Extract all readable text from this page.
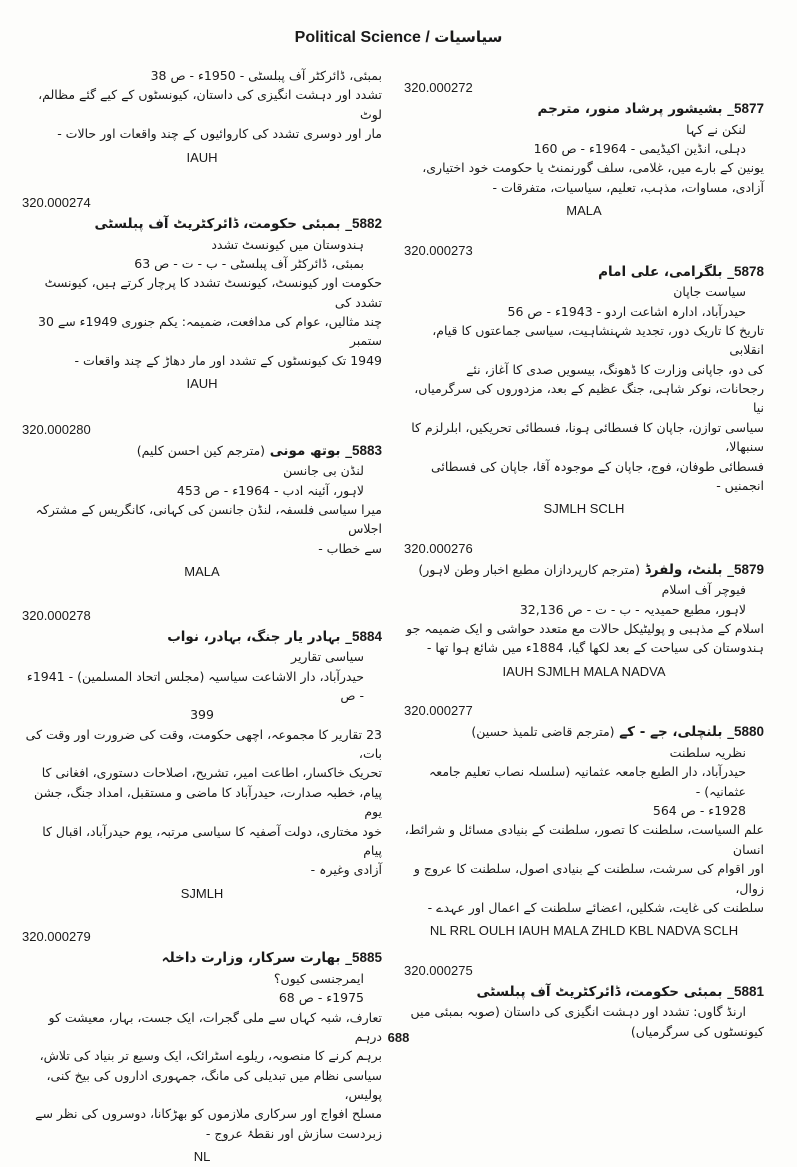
Political Science / سیاسیات
بمبئی، ڈائرکٹر آف پبلسٹی - 1950ء - ص 38
تشدد اور دہشت انگیزی کی داستان، کیونسٹوں کے کیے گئے مظالم، لوٹ
مار اور دوسری تشدد کی کاروائیوں کے چند واقعات اور حالات -
IAUH
320.000274
5882_ بمبئی حکومت، ڈائرکٹریٹ آف پبلسٹی
ہندوستان میں کیونسٹ تشدد
بمبئی، ڈائرکٹر آف پبلسٹی - ب - ت - ص 63
حکومت اور کیونسٹ، کیونسٹ تشدد کا پرچار کرتے ہیں، کیونسٹ تشدد کی
چند مثالیں، عوام کی مدافعت، ضمیمہ: یکم جنوری 1949ء سے 30 ستمبر
1949 تک کیونسٹوں کے تشدد اور مار دھاڑ کے چند واقعات -
IAUH
320.000280
5883_ بوتھ مونی (مترجم کین احسن کلیم)
لنڈن بی جانسن
لاہور، آئینہ ادب - 1964ء - ص 453
میرا سیاسی فلسفہ، لنڈن جانسن کی کہانی، کانگریس کے مشترکہ اجلاس
سے خطاب -
MALA
320.000278
5884_ بہادر یار جنگ، بہادر، نواب
سیاسی تقاریر
حیدرآباد، دار الاشاعت سیاسیہ (مجلس اتحاد المسلمین) - 1941ء - ص
399
23 تقاریر کا مجموعہ، اچھی حکومت، وقت کی ضرورت اور وقت کی بات،
تحریک خاکسار، اطاعت امیر، تشریح، اصلاحات دستوری، افغانی کا
پیام، خطبہ صدارت، حیدرآباد کا ماضی و مستقبل، امداد جنگ، جشن یوم
خود مختاری، دولت آصفیہ کا سیاسی مرتبہ، یوم حیدرآباد، اقبال کا پیام
آزادی وغیرہ -
SJMLH
320.000279
5885_ بھارت سرکار، وزارت داخلہ
ایمرجنسی کیوں؟
1975ء - ص 68
تعارف، شبہ کہاں سے ملی گجرات، ایک جست، بہار، معیشت کو درہم
برہم کرنے کا منصوبہ، ریلوے اسٹرائک، ایک وسیع تر بنیاد کی تلاش،
سیاسی نظام میں تبدیلی کی مانگ، جمہوری اداروں کی بیخ کنی، پولیس،
مسلح افواج اور سرکاری ملازموں کو بھڑکانا، دوسروں کی نظر سے
زبردست سازش اور نقطۂ عروج -
NL
320.000272
5877_ بشیشور پرشاد منور، مترجم
لنکن نے کہا
دہلی، انڈین اکیڈیمی - 1964ء - ص 160
یونین کے بارے میں، غلامی، سلف گورنمنٹ یا حکومت خود اختیاری،
آزادی، مساوات، مذہب، تعلیم، سیاسیات، متفرقات -
MALA
320.000273
5878_ بلگرامی، علی امام
سیاست جاپان
حیدرآباد، ادارہ اشاعت اردو - 1943ء - ص 56
تاریخ کا تاریک دور، تجدید شہنشاہیت، سیاسی جماعتوں کا قیام، انقلابی
کی دو، جاپانی وزارت کا ڈھونگ، بیسویں صدی کا آغاز، نئے
رجحانات، نوکر شاہی، جنگ عظیم کے بعد، مزدوروں کی سرگرمیاں، نیا
سیاسی توازن، جاپان کا فسطائی ہونا، فسطائی تحریکیں، ابلرلزم کا سنبھالا،
فسطائی طوفان، فوج، جاپان کے موجودہ آقا، جاپان کی فسطائی
انجمنیں -
SJMLH SCLH
320.000276
5879_ بلنٹ، ولفرڈ (مترجم کارپردازان مطبع اخبار وطن لاہور)
فیوچر آف اسلام
لاہور، مطبع حمیدیہ - ب - ت - ص 32,136
اسلام کے مذہبی و پولیٹیکل حالات مع متعدد حواشی و ایک ضمیمہ جو
ہندوستان کی سیاحت کے بعد لکھا گیا، 1884ء میں شائع ہوا تھا -
IAUH SJMLH MALA NADVA
320.000277
5880_ بلنچلی، جے - کے (مترجم قاضی تلمیذ حسین)
نظریہ سلطنت
حیدرآباد، دار الطبع جامعہ عثمانیہ (سلسلہ نصاب تعلیم جامعہ عثمانیہ) -
1928ء - ص 564
علم السیاست، سلطنت کا تصور، سلطنت کے بنیادی مسائل و شرائط، انسان
اور اقوام کی سرشت، سلطنت کے بنیادی اصول، سلطنت کا عروج و زوال،
سلطنت کی غایت، شکلیں، اعضائے سلطنت کے اعمال اور عہدے -
NL RRL OULH IAUH MALA ZHLD KBL NADVA SCLH
320.000275
5881_ بمبئی حکومت، ڈائرکٹریٹ آف پبلسٹی
ارنڈ گاوں: تشدد اور دہشت انگیزی کی داستان (صوبہ بمبئی میں
کیونسٹوں کی سرگرمیاں)
688
